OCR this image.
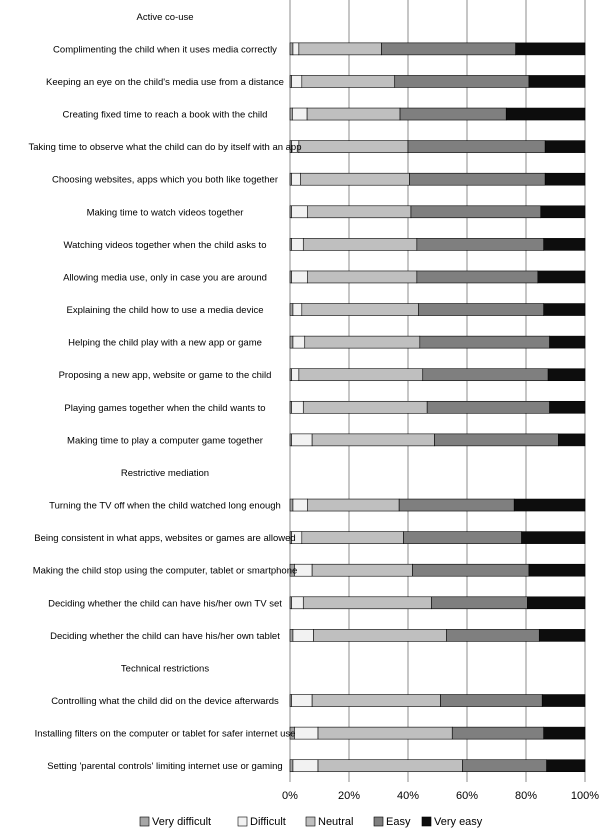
Active co-use
Complimenting the child when it uses media correctly
Keeping an eye on the child's media use from a distance
Creating fixed time to reach a book with the child
Taking time to observe what the child can do by itself with an app
Choosing websites, apps which you both like together
Making time to watch videos together
Watching videos together when the child asks to
Allowing media use, only in case you are around
Explaining the child how to use a media device
Helping the child play with a new app or game
Proposing a new app, website or game to the child
Playing games together when the child wants to
Making time to play a computer game together
Restrictive mediation
Turning the TV off when the child watched long enough
Being consistent in what apps, websites or games are allowed
Making the child stop using the computer, tablet or smartphone
Deciding whether the child can have his/her own TV set
Deciding whether the child can have his/her own tablet
Technical restrictions
Controlling what the child did on the device afterwards
Installing filters on the computer or tablet for safer internet use
Setting 'parental controls' limiting internet use or gaming
0%	20%	40%	60%	80%	100%
Very difficult	Difficult	Neutral	Easy Very easy
